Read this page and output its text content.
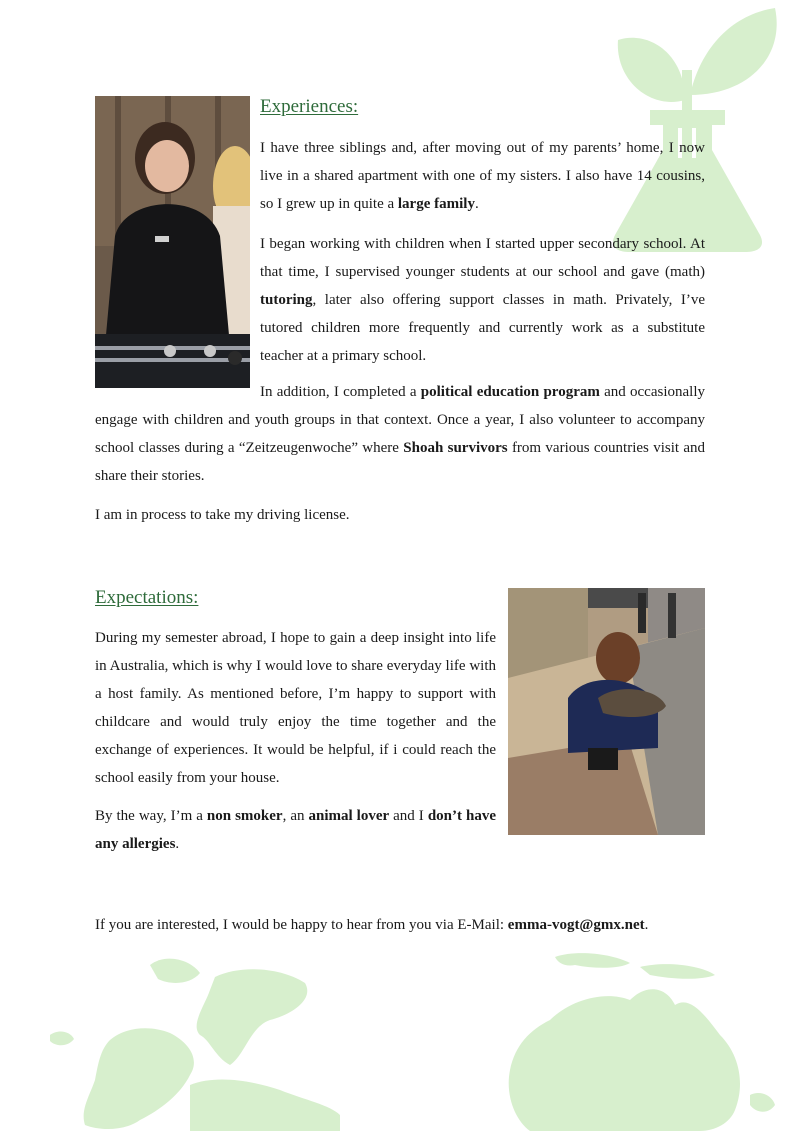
Experiences:

I have three siblings and, after moving out of my parents’ home, I now live in a shared apartment with one of my sisters. I also have 14 cousins, so I grew up in quite a large family.

I began working with children when I started upper secondary school. At that time, I supervised younger students at our school and gave (math) tutoring, later also offering support classes in math. Privately, I’ve tutored children more frequently and currently work as a substitute teacher at a primary school.

In addition, I completed a political education program and occasionally engage with children and youth groups in that context. Once a year, I also volunteer to accompany school classes during a “Zeitzeugenwoche” where Shoah survivors from various countries visit and share their stories.

I am in process to take my driving license.

Expectations:

During my semester abroad, I hope to gain a deep insight into life in Australia, which is why I would love to share everyday life with a host family. As mentioned before, I’m happy to support with childcare and would truly enjoy the time together and the exchange of experiences. It would be helpful, if i could reach the school easily from your house.

By the way, I’m a non smoker, an animal lover and I don’t have any allergies.

If you are interested, I would be happy to hear from you via E-Mail: emma-vogt@gmx.net.
